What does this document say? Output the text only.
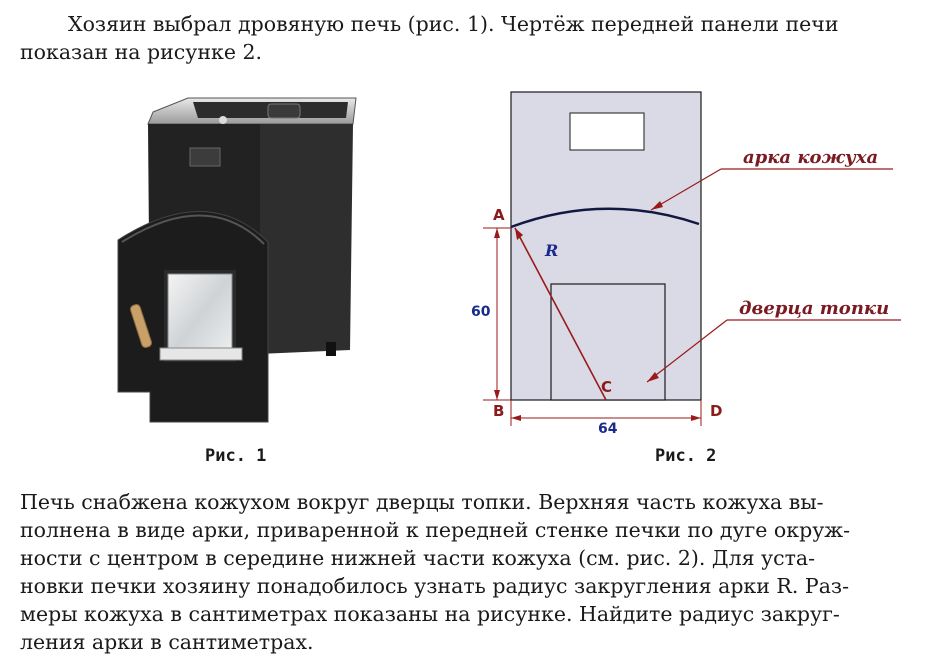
Хозяин выбрал дровяную печь (рис. 1). Чертёж передней панели печи
показан на рисунке 2.
Рис. 1
A
B
C
D
R
60
64
арка кожуха
дверца топки
Рис. 2
Печь снабжена кожухом вокруг дверцы топки. Верхняя часть кожуха вы-
полнена в виде арки, приваренной к передней стенке печки по дуге окруж-
ности с центром в середине нижней части кожуха (см. рис. 2). Для уста-
новки печки хозяину понадобилось узнать радиус закругления арки R. Раз-
меры кожуха в сантиметрах показаны на рисунке. Найдите радиус закруг-
ления арки в сантиметрах.
